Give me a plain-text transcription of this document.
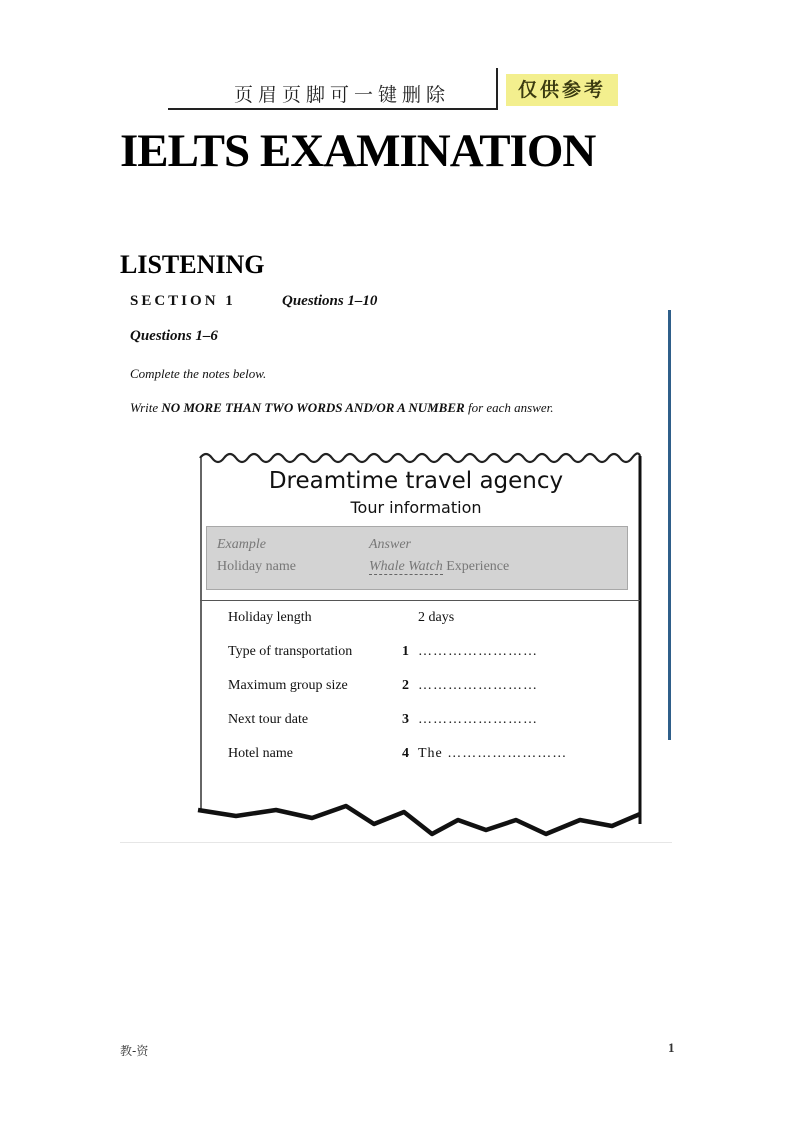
页眉页脚可一键删除	仅供参考
IELTS EXAMINATION
LISTENING
SECTION 1	Questions 1–10
Questions 1–6
Complete the notes below.
Write NO MORE THAN TWO WORDS AND/OR A NUMBER for each answer.
Dreamtime travel agency
Tour information
Example	Answer
Holiday name	Whale Watch Experience
Holiday length	2 days
Type of transportation	1 ……………………
Maximum group size	2 ……………………
Next tour date	3 ……………………
Hotel name	4 The ……………………
教-资	1
